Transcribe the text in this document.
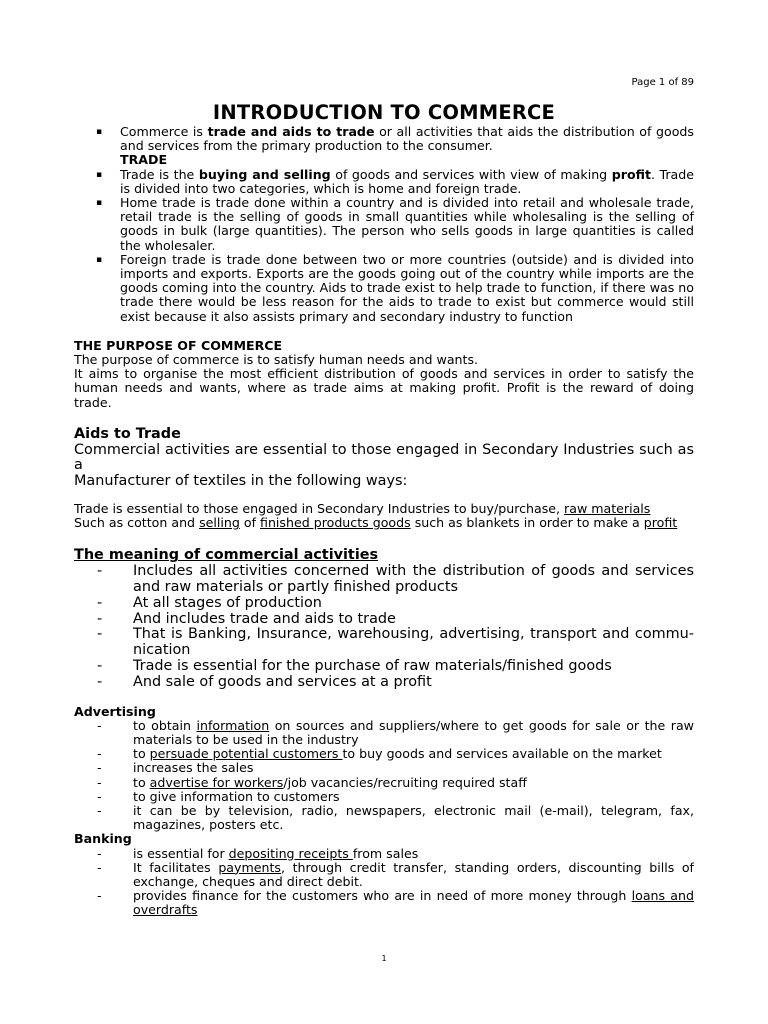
Page 1 of 89
INTRODUCTION TO COMMERCE
▪ Commerce is trade and aids to trade or all activities that aids the distribution of goods and services from the primary production to the consumer.
TRADE
▪ Trade is the buying and selling of goods and services with view of making profit. Trade is divided into two categories, which is home and foreign trade.
▪ Home trade is trade done within a country and is divided into retail and wholesale trade, retail trade is the selling of goods in small quantities while wholesaling is the selling of goods in bulk (large quantities). The person who sells goods in large quantities is called the wholesaler.
▪ Foreign trade is trade done between two or more countries (outside) and is divided into imports and exports. Exports are the goods going out of the country while imports are the goods coming into the country. Aids to trade exist to help trade to function, if there was no trade there would be less reason for the aids to trade to exist but commerce would still exist because it also assists primary and secondary industry to function
THE PURPOSE OF COMMERCE
The purpose of commerce is to satisfy human needs and wants.
It aims to organise the most efficient distribution of goods and services in order to satisfy the human needs and wants, where as trade aims at making profit. Profit is the reward of doing trade.
Aids to Trade
Commercial activities are essential to those engaged in Secondary Industries such as a
Manufacturer of textiles in the following ways:
Trade is essential to those engaged in Secondary Industries to buy/purchase, raw materials
Such as cotton and selling of finished products goods such as blankets in order to make a profit
The meaning of commercial activities
- Includes all activities concerned with the distribution of goods and services and raw materials or partly finished products
- At all stages of production
- And includes trade and aids to trade
- That is Banking, Insurance, warehousing, advertising, transport and commu-nication
- Trade is essential for the purchase of raw materials/finished goods
- And sale of goods and services at a profit
Advertising
- to obtain information on sources and suppliers/where to get goods for sale or the raw materials to be used in the industry
- to persuade potential customers to buy goods and services available on the market
- increases the sales
- to advertise for workers/job vacancies/recruiting required staff
- to give information to customers
- it can be by television, radio, newspapers, electronic mail (e-mail), telegram, fax, magazines, posters etc.
Banking
- is essential for depositing receipts from sales
- It facilitates payments, through credit transfer, standing orders, discounting bills of exchange, cheques and direct debit.
- provides finance for the customers who are in need of more money through loans and overdrafts
1
